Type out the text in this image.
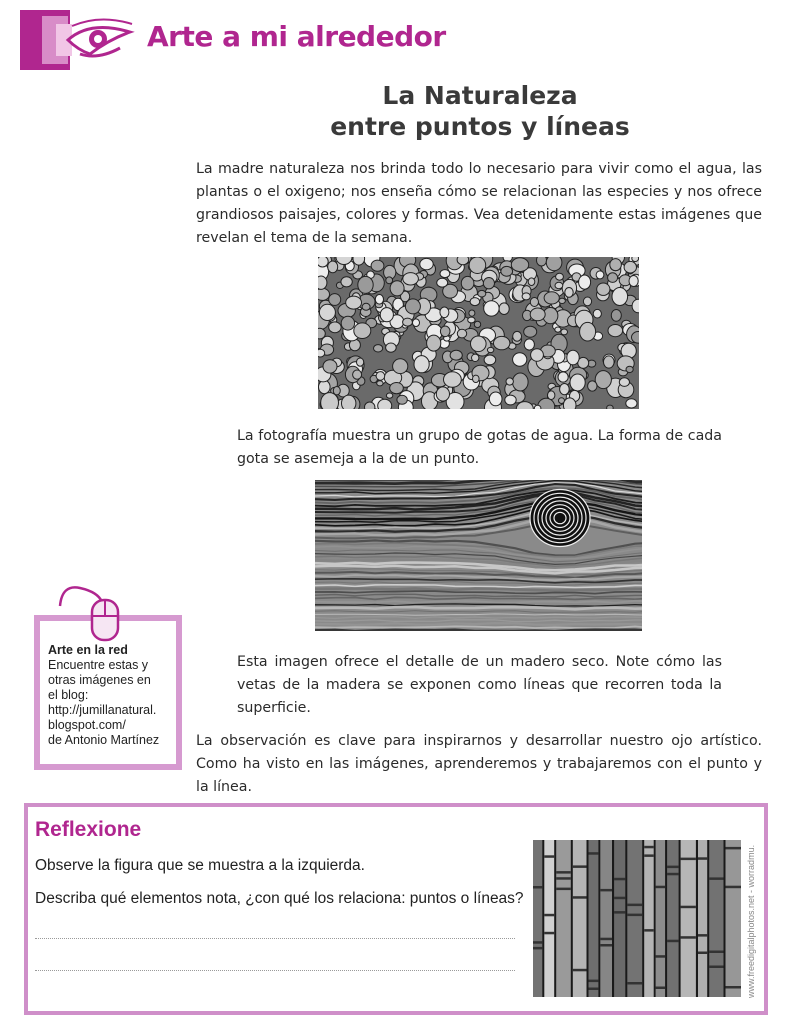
Arte a mi alrededor
La Naturaleza
entre puntos y líneas
La madre naturaleza nos brinda todo lo necesario para vivir como el agua, las plantas o el oxigeno; nos enseña cómo se relacionan las especies y nos ofrece grandiosos paisajes, colores y formas. Vea detenidamente estas imágenes que revelan el tema de la semana.
La fotografía muestra un grupo de gotas de agua. La forma de cada gota se asemeja a la de un punto.
Esta imagen ofrece el detalle de un madero seco. Note cómo las vetas de la madera se exponen como líneas que recorren toda la superficie.
La observación es clave para inspirarnos y desarrollar nuestro ojo artístico. Como ha visto en las imágenes, aprenderemos y trabajaremos con el punto y la línea.
Arte en la red
Encuentre estas y
otras imágenes en
el blog:
http://jumillanatural.
blogspot.com/
de Antonio Martínez
Reflexione
Observe la figura que se muestra a la izquierda.
Describa qué elementos nota, ¿con qué los relaciona: puntos o líneas?	www.freedigitalphotos.net - worradmu.
